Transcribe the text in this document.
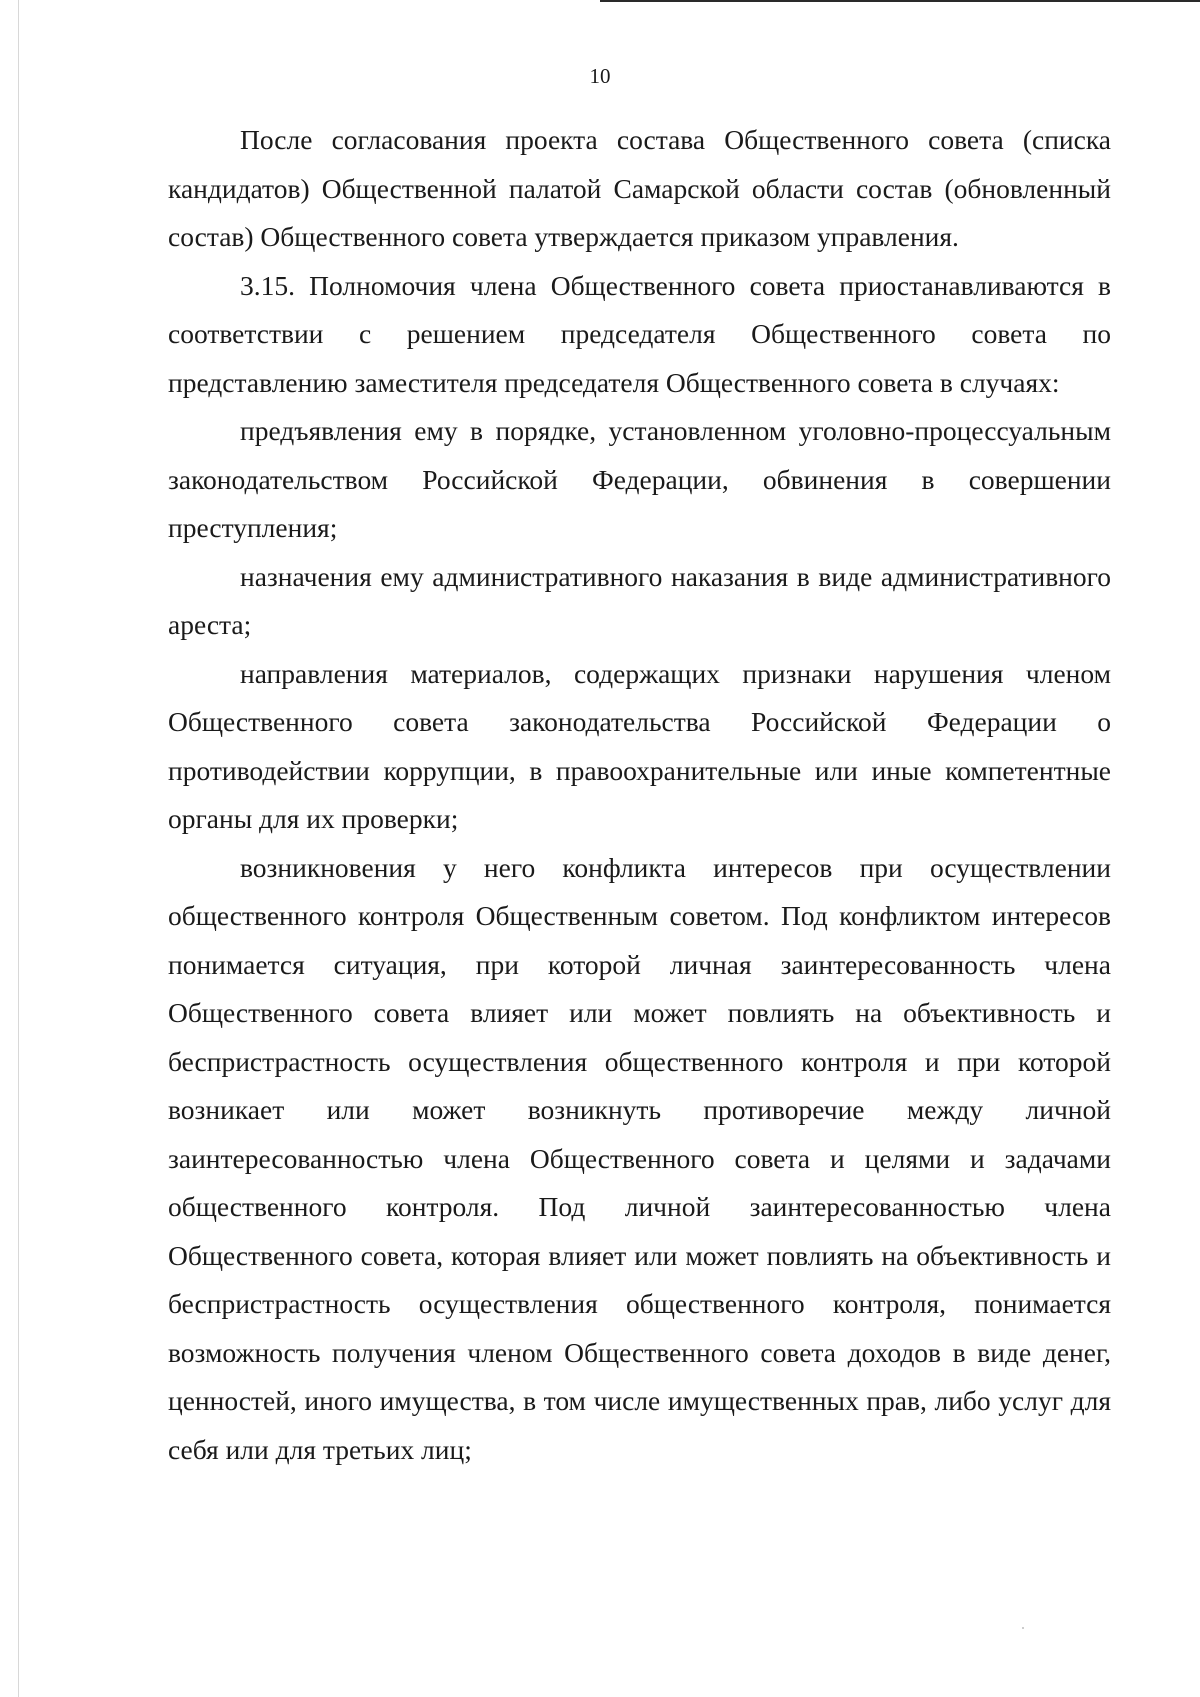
10

После согласования проекта состава Общественного совета (списка кандидатов) Общественной палатой Самарской области состав (обновленный состав) Общественного совета утверждается приказом управления.

3.15. Полномочия члена Общественного совета приостанавливаются в соответствии с решением председателя Общественного совета по представлению заместителя председателя Общественного совета в случаях:

предъявления ему в порядке, установленном уголовно-процессуальным законодательством Российской Федерации, обвинения в совершении преступления;

назначения ему административного наказания в виде административного ареста;

направления материалов, содержащих признаки нарушения членом Общественного совета законодательства Российской Федерации о противодействии коррупции, в правоохранительные или иные компетентные органы для их проверки;

возникновения у него конфликта интересов при осуществлении общественного контроля Общественным советом. Под конфликтом интересов понимается ситуация, при которой личная заинтересованность члена Общественного совета влияет или может повлиять на объективность и беспристрастность осуществления общественного контроля и при которой возникает или может возникнуть противоречие между личной заинтересованностью члена Общественного совета и целями и задачами общественного контроля. Под личной заинтересованностью члена Общественного совета, которая влияет или может повлиять на объективность и беспристрастность осуществления общественного контроля, понимается возможность получения членом Общественного совета доходов в виде денег, ценностей, иного имущества, в том числе имущественных прав, либо услуг для себя или для третьих лиц;
